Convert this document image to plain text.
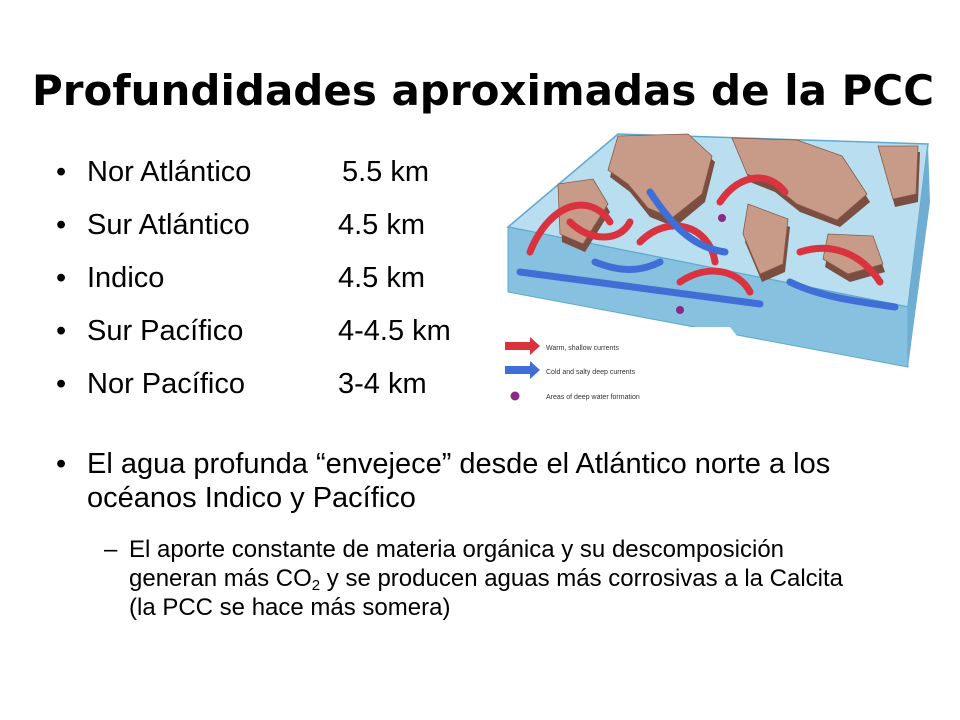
Profundidades aproximadas de la PCC
• Nor Atlántico	5.5 km
• Sur Atlántico	4.5 km
• Indico	4.5 km
• Sur Pacífico	4-4.5 km
• Nor Pacífico	3-4 km
Warm, shallow currents
Cold and salty deep currents
Areas of deep water formation
• El agua profunda “envejece” desde el Atlántico norte a los océanos Indico y Pacífico
– El aporte constante de materia orgánica y su descomposición generan más $CO_2$ y se producen aguas más corrosivas a la Calcita (la PCC se hace más somera)
